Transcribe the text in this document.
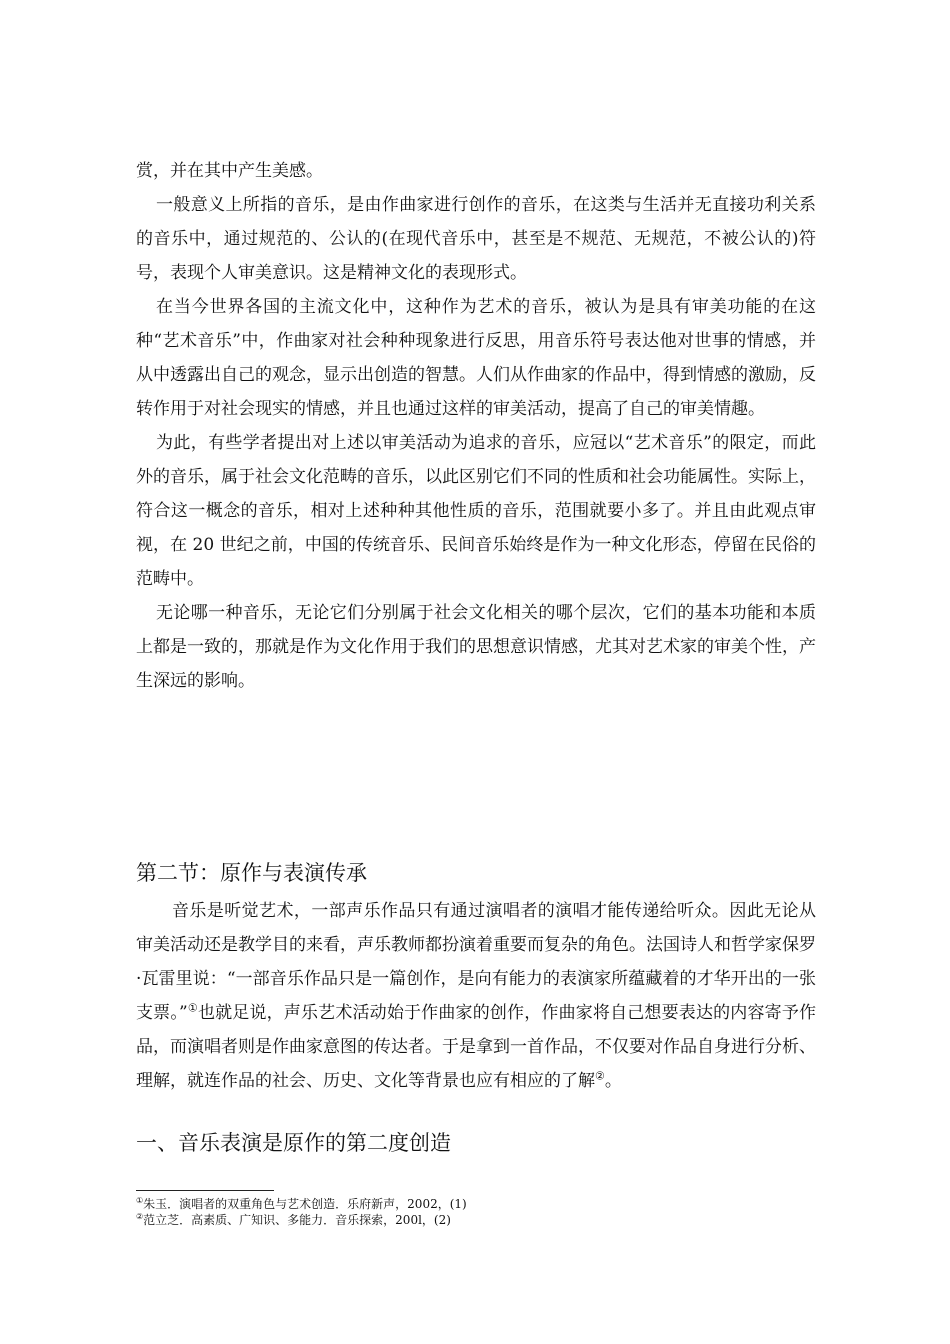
赏，并在其中产生美感。

一般意义上所指的音乐，是由作曲家进行创作的音乐，在这类与生活并无直接功利关系的音乐中，通过规范的、公认的(在现代音乐中，甚至是不规范、无规范，不被公认的)符号，表现个人审美意识。这是精神文化的表现形式。

在当今世界各国的主流文化中，这种作为艺术的音乐，被认为是具有审美功能的在这种“艺术音乐”中，作曲家对社会种种现象进行反思，用音乐符号表达他对世事的情感，并从中透露出自己的观念，显示出创造的智慧。人们从作曲家的作品中，得到情感的激励，反转作用于对社会现实的情感，并且也通过这样的审美活动，提高了自己的审美情趣。

为此，有些学者提出对上述以审美活动为追求的音乐，应冠以“艺术音乐”的限定，而此外的音乐，属于社会文化范畴的音乐，以此区别它们不同的性质和社会功能属性。实际上，符合这一概念的音乐，相对上述种种其他性质的音乐，范围就要小多了。并且由此观点审视，在 20 世纪之前，中国的传统音乐、民间音乐始终是作为一种文化形态，停留在民俗的范畴中。

无论哪一种音乐，无论它们分别属于社会文化相关的哪个层次，它们的基本功能和本质上都是一致的，那就是作为文化作用于我们的思想意识情感，尤其对艺术家的审美个性，产生深远的影响。

第二节：原作与表演传承

音乐是听觉艺术，一部声乐作品只有通过演唱者的演唱才能传递给听众。因此无论从审美活动还是教学目的来看，声乐教师都扮演着重要而复杂的角色。法国诗人和哲学家保罗·瓦雷里说：“一部音乐作品只是一篇创作，是向有能力的表演家所蕴藏着的才华开出的一张支票。”①也就足说，声乐艺术活动始于作曲家的创作，作曲家将自己想要表达的内容寄予作品，而演唱者则是作曲家意图的传达者。于是拿到一首作品，不仅要对作品自身进行分析、理解，就连作品的社会、历史、文化等背景也应有相应的了解②。

一、音乐表演是原作的第二度创造
①朱玉．演唱者的双重角色与艺术创造．乐府新声，2002，(1)
②范立芝．高素质、广知识、多能力．音乐探索，200l，(2)
